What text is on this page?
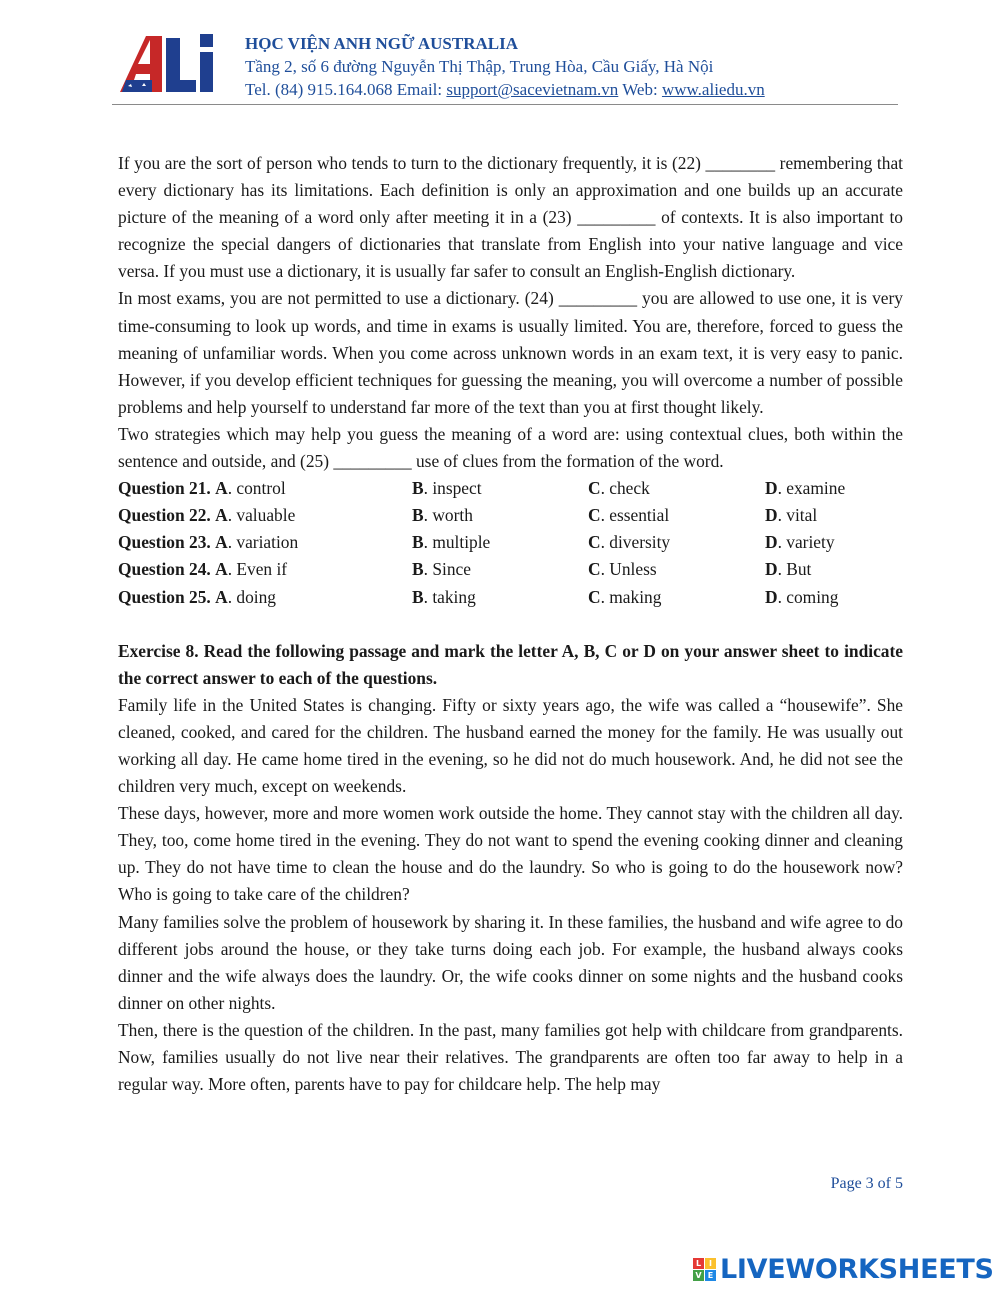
HỌC VIỆN ANH NGỮ AUSTRALIA
Tầng 2, số 6 đường Nguyễn Thị Thập, Trung Hòa, Cầu Giấy, Hà Nội
Tel. (84) 915.164.068 Email: support@sacevietnam.vn Web: www.aliedu.vn

If you are the sort of person who tends to turn to the dictionary frequently, it is (22) ________ remembering that every dictionary has its limitations. Each definition is only an approximation and one builds up an accurate picture of the meaning of a word only after meeting it in a (23) _________ of contexts. It is also important to recognize the special dangers of dictionaries that translate from English into your native language and vice versa. If you must use a dictionary, it is usually far safer to consult an English-English dictionary.

In most exams, you are not permitted to use a dictionary. (24) _________ you are allowed to use one, it is very time-consuming to look up words, and time in exams is usually limited. You are, therefore, forced to guess the meaning of unfamiliar words. When you come across unknown words in an exam text, it is very easy to panic. However, if you develop efficient techniques for guessing the meaning, you will overcome a number of possible problems and help yourself to understand far more of the text than you at first thought likely.

Two strategies which may help you guess the meaning of a word are: using contextual clues, both within the sentence and outside, and (25) _________ use of clues from the formation of the word.

Question 21. A. control	B. inspect	C. check	D. examine
Question 22. A. valuable	B. worth	C. essential	D. vital
Question 23. A. variation	B. multiple	C. diversity	D. variety
Question 24. A. Even if	B. Since	C. Unless	D. But
Question 25. A. doing	B. taking	C. making	D. coming

Exercise 8. Read the following passage and mark the letter A, B, C or D on your answer sheet to indicate the correct answer to each of the questions.

Family life in the United States is changing. Fifty or sixty years ago, the wife was called a “housewife”. She cleaned, cooked, and cared for the children. The husband earned the money for the family. He was usually out working all day. He came home tired in the evening, so he did not do much housework. And, he did not see the children very much, except on weekends.

These days, however, more and more women work outside the home. They cannot stay with the children all day. They, too, come home tired in the evening. They do not want to spend the evening cooking dinner and cleaning up. They do not have time to clean the house and do the laundry. So who is going to do the housework now? Who is going to take care of the children?

Many families solve the problem of housework by sharing it. In these families, the husband and wife agree to do different jobs around the house, or they take turns doing each job. For example, the husband always cooks dinner and the wife always does the laundry. Or, the wife cooks dinner on some nights and the husband cooks dinner on other nights.

Then, there is the question of the children. In the past, many families got help with childcare from grandparents. Now, families usually do not live near their relatives. The grandparents are often too far away to help in a regular way. More often, parents have to pay for childcare help. The help may

Page 3 of 5
L I
V E LIVEWORKSHEETS
